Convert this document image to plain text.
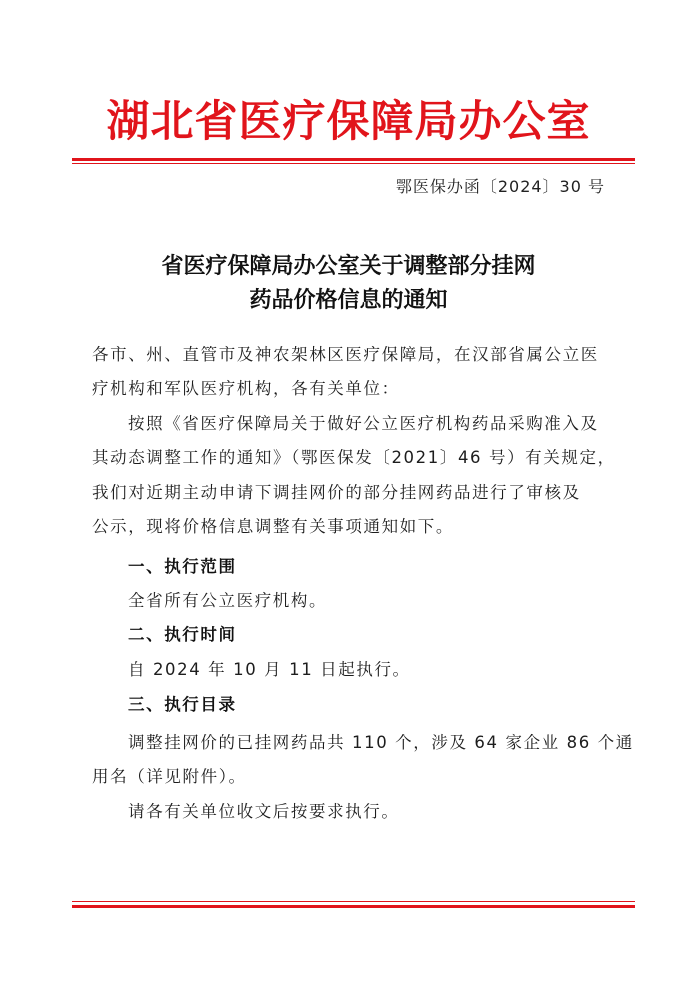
湖北省医疗保障局办公室
鄂医保办函〔2024〕30 号
省医疗保障局办公室关于调整部分挂网
药品价格信息的通知
各市、州、直管市及神农架林区医疗保障局，在汉部省属公立医
疗机构和军队医疗机构，各有关单位：
按照《省医疗保障局关于做好公立医疗机构药品采购准入及
其动态调整工作的通知》（鄂医保发〔2021〕46 号）有关规定，
我们对近期主动申请下调挂网价的部分挂网药品进行了审核及
公示，现将价格信息调整有关事项通知如下。
一、执行范围
全省所有公立医疗机构。
二、执行时间
自 2024 年 10 月 11 日起执行。
三、执行目录
调整挂网价的已挂网药品共 110 个，涉及 64 家企业 86 个通
用名（详见附件）。
请各有关单位收文后按要求执行。
